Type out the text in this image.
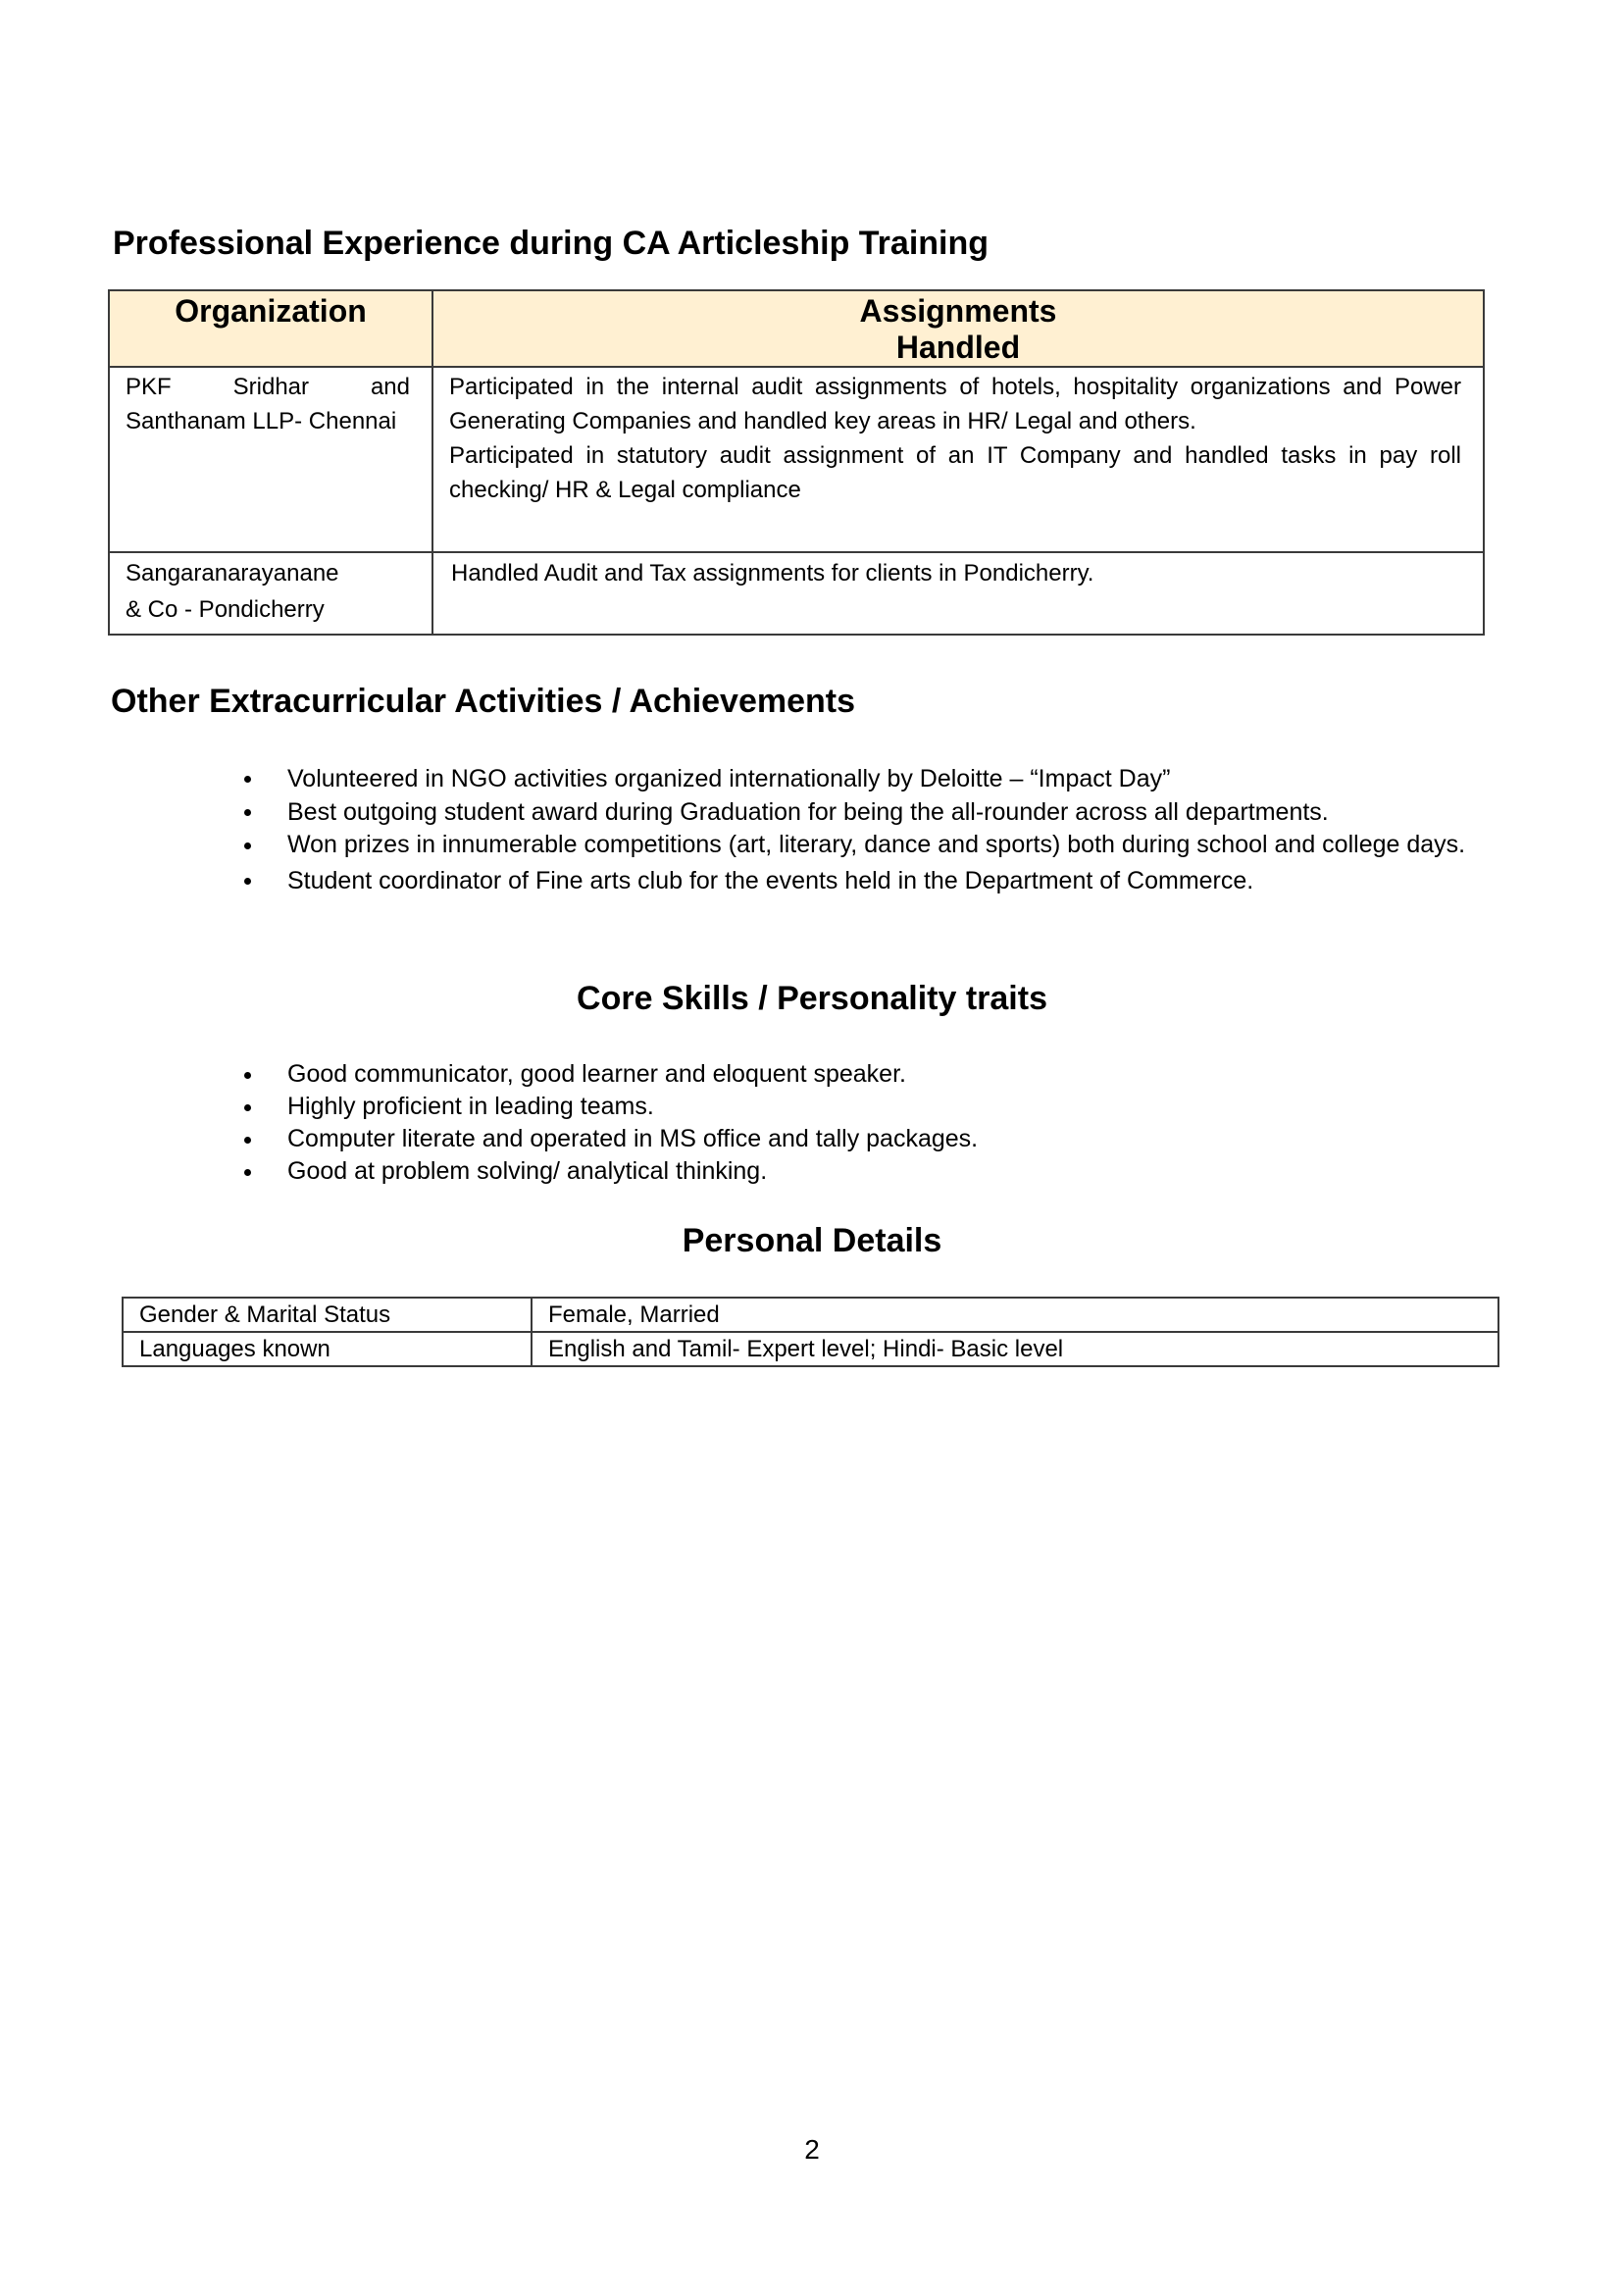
Professional Experience during CA Articleship Training
Organization	Assignments
Handled

PKF Sridhar and Santhanam LLP- Chennai	Participated in the internal audit assignments of hotels, hospitality organizations and Power Generating Companies and handled key areas in HR/ Legal and others.
Participated in statutory audit assignment of an IT Company and handled tasks in pay roll checking/ HR & Legal compliance

Sangaranarayanane
& Co - Pondicherry	Handled Audit and Tax assignments for clients in Pondicherry.
Other Extracurricular Activities / Achievements
Volunteered in NGO activities organized internationally by Deloitte – “Impact Day”
Best outgoing student award during Graduation for being the all-rounder across all departments.
Won prizes in innumerable competitions (art, literary, dance and sports) both during school and college days.
Student coordinator of Fine arts club for the events held in the Department of Commerce.
Core Skills / Personality traits
Good communicator, good learner and eloquent speaker.
Highly proficient in leading teams.
Computer literate and operated in MS office and tally packages.
Good at problem solving/ analytical thinking.
Personal Details
Gender & Marital Status	Female, Married
Languages known	English and Tamil- Expert level; Hindi- Basic level
2
